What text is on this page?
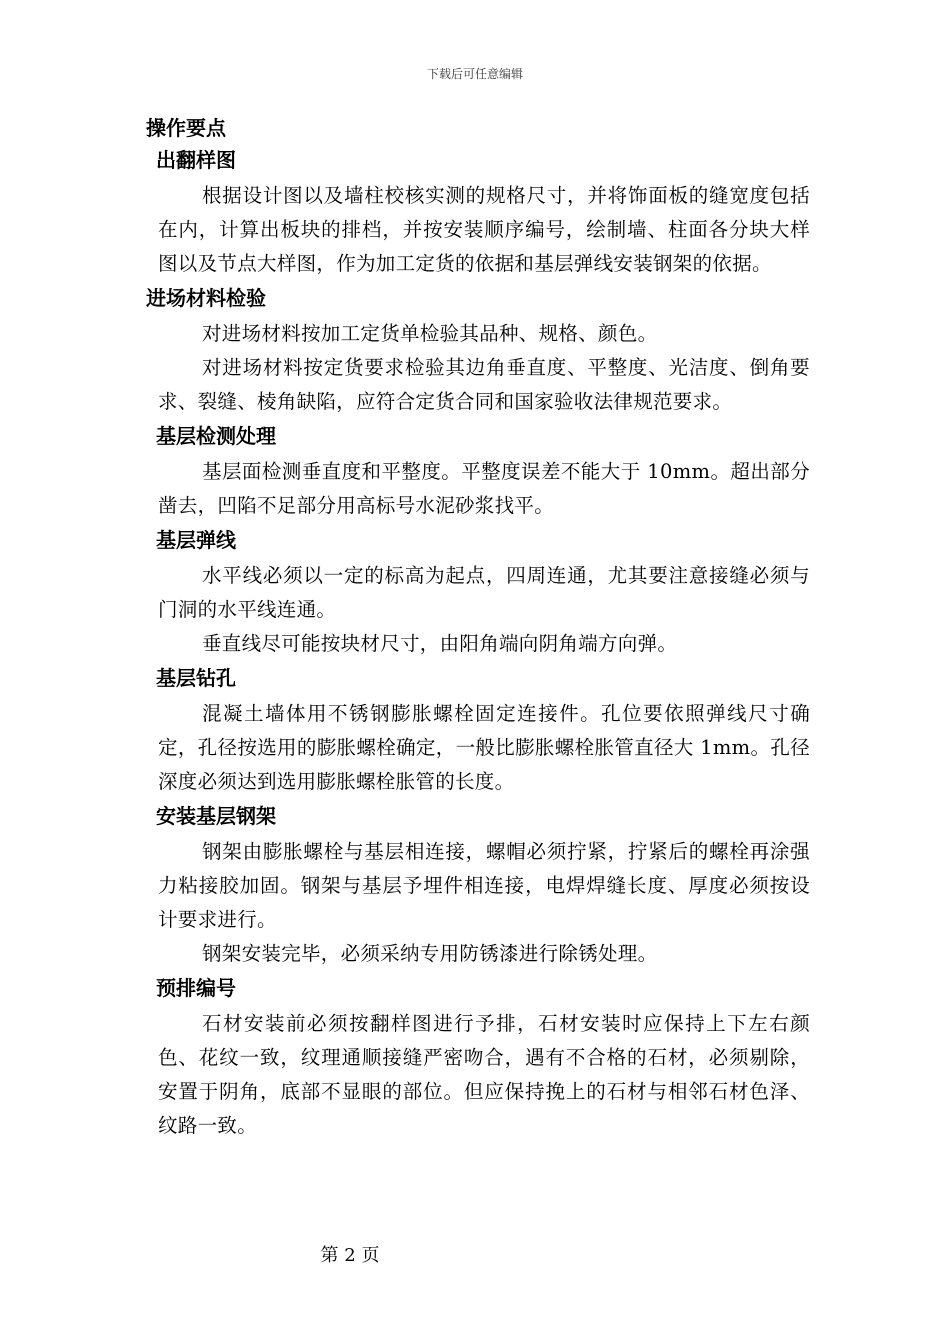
下载后可任意编辑
操作要点
出翻样图

根据设计图以及墙柱校核实测的规格尺寸，并将饰面板的缝宽度包括在内，计算出板块的排档，并按安装顺序编号，绘制墙、柱面各分块大样图以及节点大样图，作为加工定货的依据和基层弹线安装钢架的依据。

进场材料检验

对进场材料按加工定货单检验其品种、规格、颜色。

对进场材料按定货要求检验其边角垂直度、平整度、光洁度、倒角要求、裂缝、棱角缺陷，应符合定货合同和国家验收法律规范要求。

基层检测处理

基层面检测垂直度和平整度。平整度误差不能大于 10mm。超出部分凿去，凹陷不足部分用高标号水泥砂浆找平。

基层弹线

水平线必须以一定的标高为起点，四周连通，尤其要注意接缝必须与门洞的水平线连通。

垂直线尽可能按块材尺寸，由阳角端向阴角端方向弹。

基层钻孔

混凝土墙体用不锈钢膨胀螺栓固定连接件。孔位要依照弹线尺寸确定，孔径按选用的膨胀螺栓确定，一般比膨胀螺栓胀管直径大 1mm。孔径深度必须达到选用膨胀螺栓胀管的长度。

安装基层钢架

钢架由膨胀螺栓与基层相连接，螺帽必须拧紧，拧紧后的螺栓再涂强力粘接胶加固。钢架与基层予埋件相连接，电焊焊缝长度、厚度必须按设计要求进行。

钢架安装完毕，必须采纳专用防锈漆进行除锈处理。

预排编号

石材安装前必须按翻样图进行予排，石材安装时应保持上下左右颜色、花纹一致，纹理通顺接缝严密吻合，遇有不合格的石材，必须剔除，安置于阴角，底部不显眼的部位。但应保持挽上的石材与相邻石材色泽、纹路一致。

第 2 页
